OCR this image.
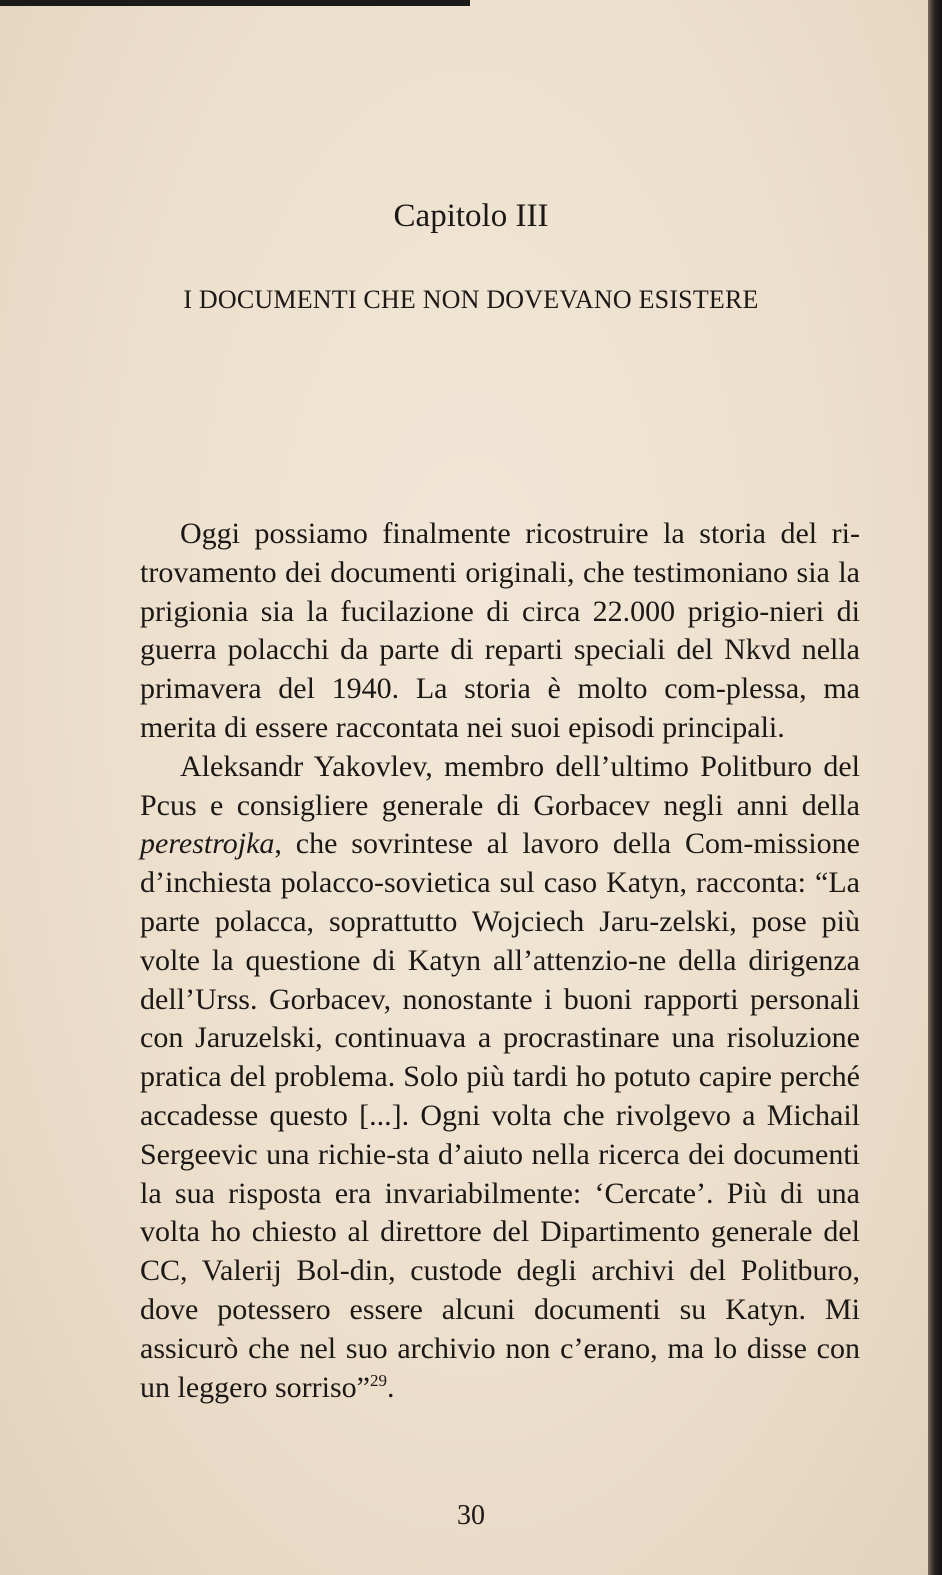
Capitolo III
I DOCUMENTI CHE NON DOVEVANO ESISTERE

Oggi possiamo finalmente ricostruire la storia del ri-trovamento dei documenti originali, che testimoniano sia la prigionia sia la fucilazione di circa 22.000 prigio-nieri di guerra polacchi da parte di reparti speciali del Nkvd nella primavera del 1940. La storia è molto com-plessa, ma merita di essere raccontata nei suoi episodi principali.

Aleksandr Yakovlev, membro dell’ultimo Politburo del Pcus e consigliere generale di Gorbacev negli anni della perestrojka, che sovrintese al lavoro della Com-missione d’inchiesta polacco-sovietica sul caso Katyn, racconta: “La parte polacca, soprattutto Wojciech Jaru-zelski, pose più volte la questione di Katyn all’attenzio-ne della dirigenza dell’Urss. Gorbacev, nonostante i buoni rapporti personali con Jaruzelski, continuava a procrastinare una risoluzione pratica del problema. Solo più tardi ho potuto capire perché accadesse questo [...]. Ogni volta che rivolgevo a Michail Sergeevic una richie-sta d’aiuto nella ricerca dei documenti la sua risposta era invariabilmente: ‘Cercate’. Più di una volta ho chiesto al direttore del Dipartimento generale del CC, Valerij Bol-din, custode degli archivi del Politburo, dove potessero essere alcuni documenti su Katyn. Mi assicurò che nel suo archivio non c’erano, ma lo disse con un leggero sorriso”$^{29}$.

30
